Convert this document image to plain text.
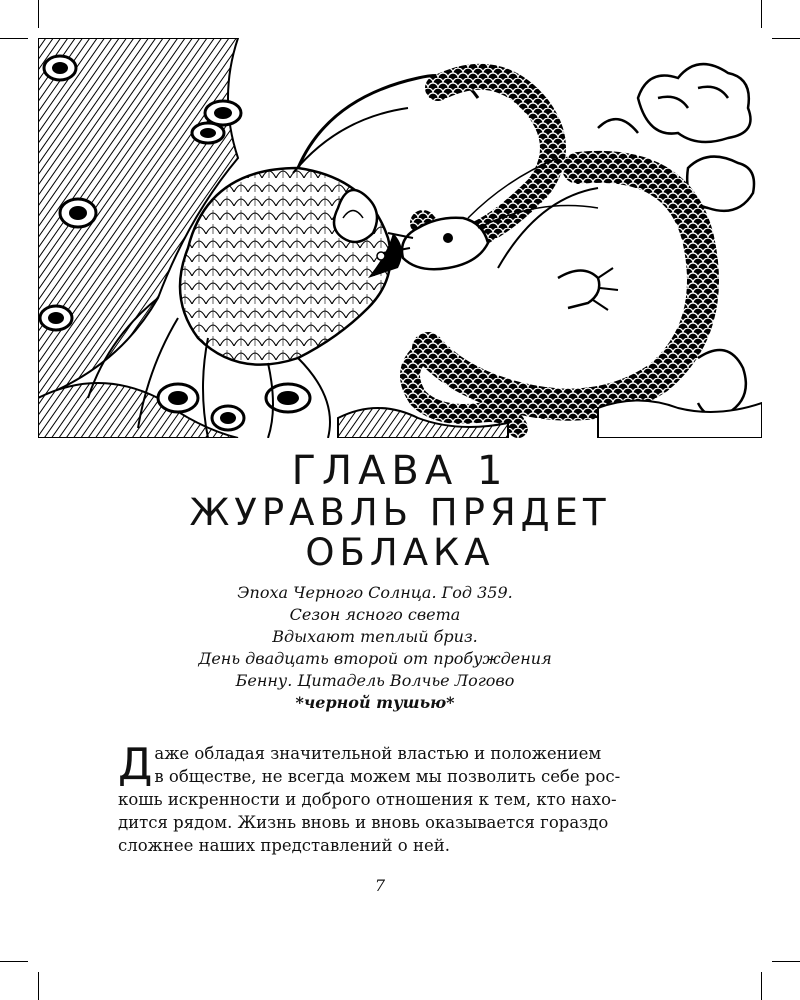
ГЛАВА 1
ЖУРАВЛЬ ПРЯДЕТ
ОБЛАКА
Эпоха Черного Солнца. Год 359.
Сезон ясного света
Вдыхают теплый бриз.
День двадцать второй от пробуждения
Бенну. Цитадель Волчье Логово
*черной тушью*
Д аже обладая значительной властью и положением

в обществе, не всегда можем мы позволить себе рос-

кошь искренности и доброго отношения к тем, кто нахо-

дится рядом. Жизнь вновь и вновь оказывается гораздо

сложнее наших представлений о ней.

7
